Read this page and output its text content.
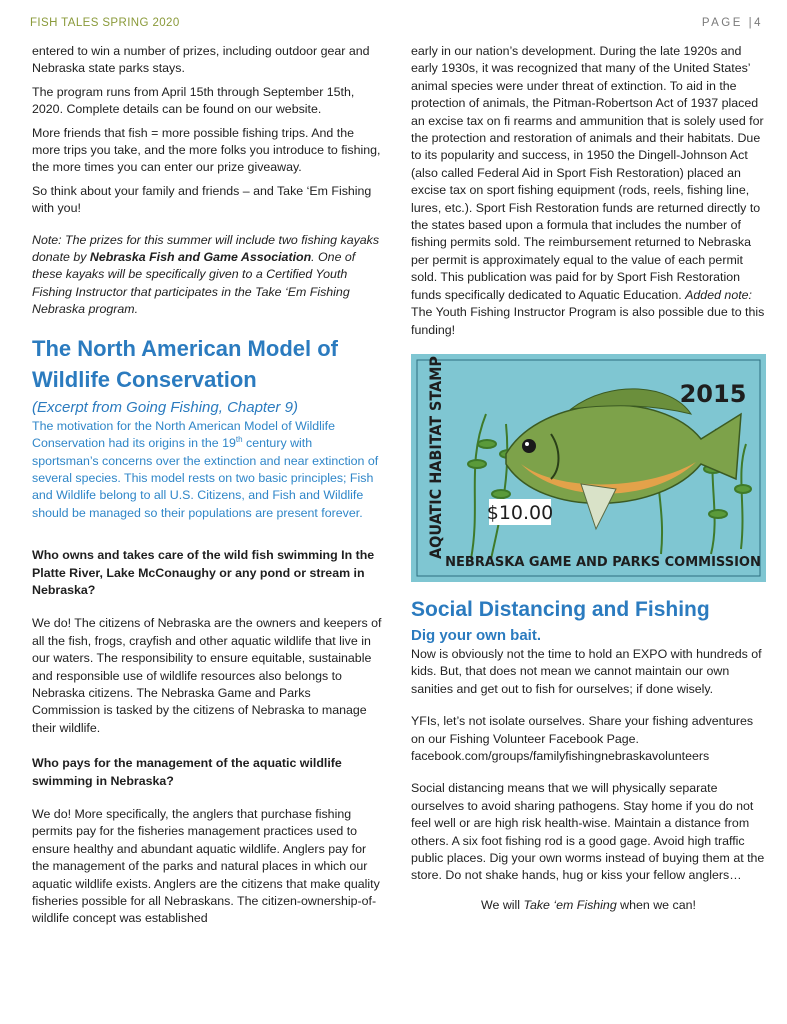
FISH TALES SPRING 2020	PAGE |4

entered to win a number of prizes, including outdoor gear and Nebraska state parks stays.

The program runs from April 15th through September 15th, 2020. Complete details can be found on our website.

More friends that fish = more possible fishing trips. And the more trips you take, and the more folks you introduce to fishing, the more times you can enter our prize giveaway.

So think about your family and friends – and Take ‘Em Fishing
with you!

Note: The prizes for this summer will include two fishing kayaks donate by Nebraska Fish and Game Association. One of these kayaks will be specifically given to a Certified Youth Fishing Instructor that participates in the Take ‘Em Fishing Nebraska program.

The North American Model of Wildlife Conservation
(Excerpt from Going Fishing, Chapter 9)

The motivation for the North American Model of Wildlife Conservation had its origins in the 19th century with sportsman’s concerns over the extinction and near extinction of several species. This model rests on two basic principles; Fish and Wildlife belong to all U.S. Citizens, and Fish and Wildlife should be managed so their populations are present forever.

Who owns and takes care of the wild fish swimming In the Platte River, Lake McConaughy or any pond or stream in Nebraska?

We do! The citizens of Nebraska are the owners and keepers of all the fish, frogs, crayfish and other aquatic wildlife that live in our waters. The responsibility to ensure equitable, sustainable and responsible use of wildlife resources also belongs to Nebraska citizens. The Nebraska Game and Parks Commission is tasked by the citizens of Nebraska to manage their wildlife.

Who pays for the management of the aquatic wildlife swimming in Nebraska?

We do! More specifically, the anglers that purchase fishing permits pay for the fisheries management practices used to ensure healthy and abundant aquatic wildlife. Anglers pay for the management of the parks and natural places in which our aquatic wildlife exists. Anglers are the citizens that make quality fisheries possible for all Nebraskans. The citizen-ownership-of-wildlife concept was established

early in our nation’s development. During the late 1920s and early 1930s, it was recognized that many of the United States’ animal species were under threat of extinction. To aid in the protection of animals, the Pitman-Robertson Act of 1937 placed an excise tax on fi rearms and ammunition that is solely used for the protection and restoration of animals and their habitats. Due to its popularity and success, in 1950 the Dingell-Johnson Act (also called Federal Aid in Sport Fish Restoration) placed an excise tax on sport fishing equipment (rods, reels, fishing line, lures, etc.). Sport Fish Restoration funds are returned directly to the states based upon a formula that includes the number of fishing permits sold. The reimbursement returned to Nebraska per permit is approximately equal to the value of each permit sold. This publication was paid for by Sport Fish Restoration funds specifically dedicated to Aquatic Education. Added note: The Youth Fishing Instructor Program is also possible due to this funding!

AQUATIC HABITAT STAMP	2015
$10.00
NEBRASKA GAME AND PARKS COMMISSION
Social Distancing and Fishing
Dig your own bait.

Now is obviously not the time to hold an EXPO with hundreds of kids. But, that does not mean we cannot maintain our own sanities and get out to fish for ourselves; if done wisely.

YFIs, let’s not isolate ourselves. Share your fishing adventures on our Fishing Volunteer Facebook Page.
facebook.com/groups/familyfishingnebraskavolunteers

Social distancing means that we will physically separate ourselves to avoid sharing pathogens. Stay home if you do not feel well or are high risk health-wise. Maintain a distance from others. A six foot fishing rod is a good gage. Avoid high traffic public places. Dig your own worms instead of buying them at the store. Do not shake hands, hug or kiss your fellow anglers…

We will Take ‘em Fishing when we can!
